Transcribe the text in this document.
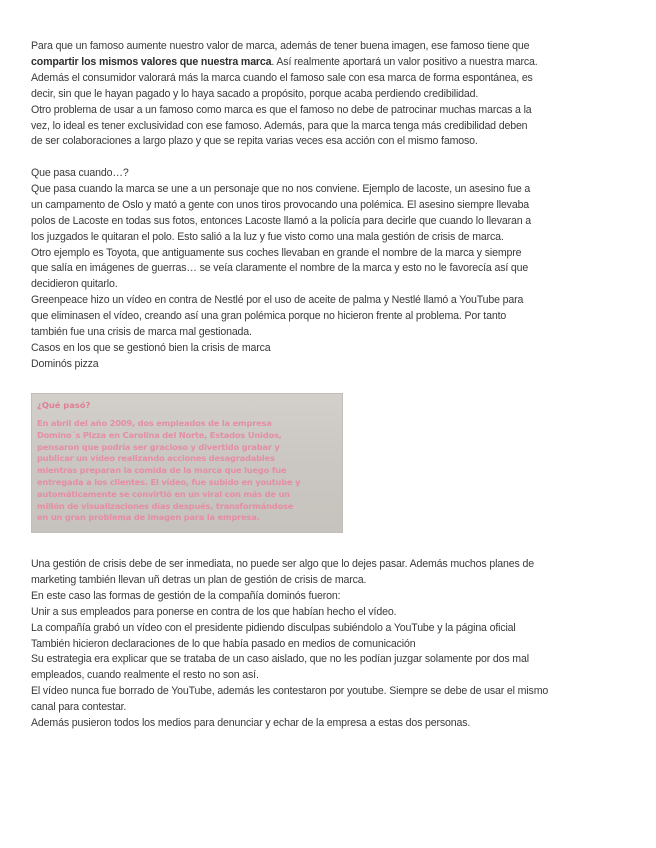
Para que un famoso aumente nuestro valor de marca, además de tener buena imagen, ese famoso tiene que

compartir los mismos valores que nuestra marca. Así realmente aportará un valor positivo a nuestra marca.

Además el consumidor valorará más la marca cuando el famoso sale con esa marca de forma espontánea, es

decir, sin que le hayan pagado y lo haya sacado a propósito, porque acaba perdiendo credibilidad.

Otro problema de usar a un famoso como marca es que el famoso no debe de patrocinar muchas marcas a la

vez, lo ideal es tener exclusividad con ese famoso. Además, para que la marca tenga más credibilidad deben

de ser colaboraciones a largo plazo y que se repita varias veces esa acción con el mismo famoso.

Que pasa cuando…?

Que pasa cuando la marca se une a un personaje que no nos conviene. Ejemplo de lacoste, un asesino fue a

un campamento de Oslo y mató a gente con unos tiros provocando una polémica. El asesino siempre llevaba

polos de Lacoste en todas sus fotos, entonces Lacoste llamó a la policía para decirle que cuando lo llevaran a

los juzgados le quitaran el polo. Esto salió a la luz y fue visto como una mala gestión de crisis de marca.

Otro ejemplo es Toyota, que antiguamente sus coches llevaban en grande el nombre de la marca y siempre

que salía en imágenes de guerras… se veía claramente el nombre de la marca y esto no le favorecía así que

decidieron quitarlo.

Greenpeace hizo un vídeo en contra de Nestlé por el uso de aceite de palma y Nestlé llamó a YouTube para

que eliminasen el vídeo, creando así una gran polémica porque no hicieron frente al problema. Por tanto

también fue una crisis de marca mal gestionada.

Casos en los que se gestionó bien la crisis de marca

Dominós pizza

¿Qué pasó?
En abril del año 2009, dos empleados de la empresa
Domino´s Pizza en Carolina del Norte, Estados Unidos,
pensaron que podría ser gracioso y divertido grabar y
publicar un vídeo realizando acciones desagradables
mientras preparan la comida de la marca que luego fue
entregada a los clientes. El vídeo, fue subido en youtube y
automáticamente se convirtió en un viral con más de un
millón de visualizaciones días después, transformándose
en un gran problema de imagen para la empresa.

Una gestión de crisis debe de ser inmediata, no puede ser algo que lo dejes pasar. Además muchos planes de

marketing también llevan uñ detras un plan de gestión de crisis de marca.

En este caso las formas de gestión de la compañía dominós fueron:

Unir a sus empleados para ponerse en contra de los que habían hecho el vídeo.

La compañía grabó un vídeo con el presidente pidiendo disculpas subiéndolo a YouTube y la página oficial

También hicieron declaraciones de lo que había pasado en medios de comunicación

Su estrategia era explicar que se trataba de un caso aislado, que no les podían juzgar solamente por dos mal

empleados, cuando realmente el resto no son así.

El vídeo nunca fue borrado de YouTube, además les contestaron por youtube. Siempre se debe de usar el mismo

canal para contestar.

Además pusieron todos los medios para denunciar y echar de la empresa a estas dos personas.
